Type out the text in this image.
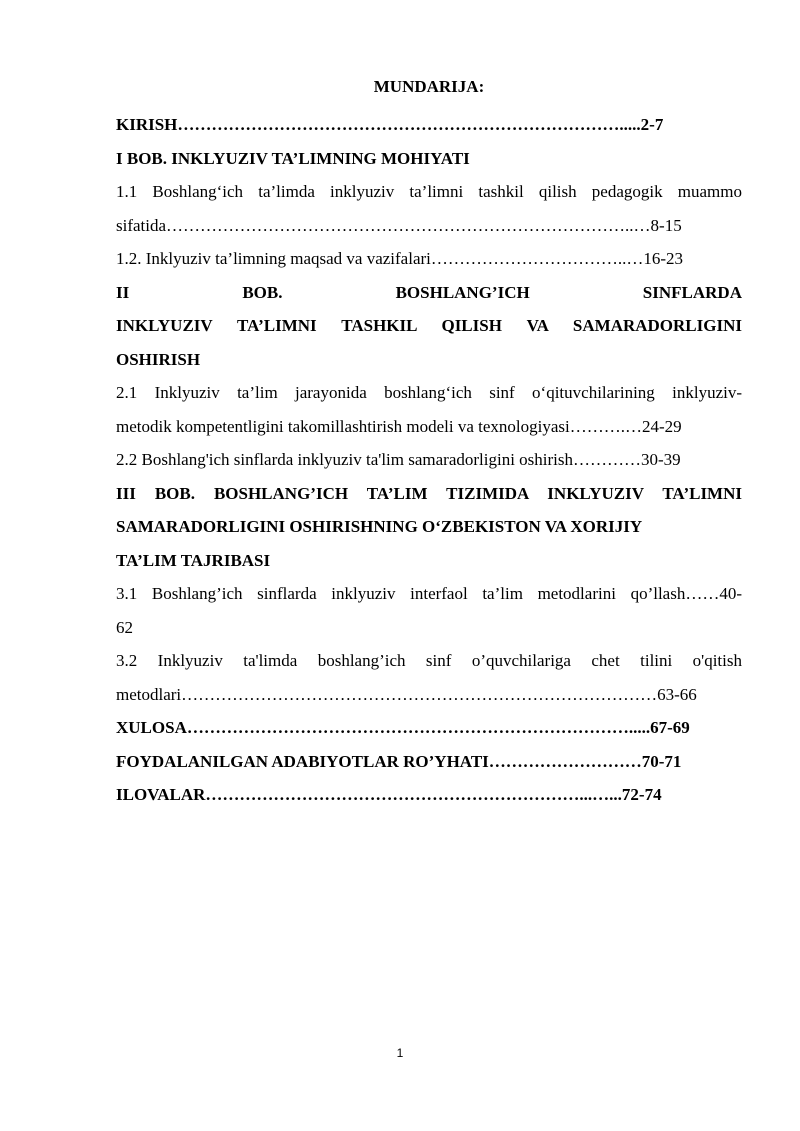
MUNDARIJA:
KIRISH…………………………………………………………………….....2-7
I BOB. INKLYUZIV TA’LIMNING MOHIYATI
1.1 Boshlang‘ich ta’limda inklyuziv ta’limni tashkil qilish pedagogik muammo
sifatida………………………………………………………………………..…8-15
1.2. Inklyuziv ta’limning maqsad va vazifalari……………………………..…16-23
II BOB. BOSHLANG’ICH SINFLARDA
INKLYUZIV TA’LIMNI TASHKIL QILISH VA SAMARADORLIGINI
OSHIRISH
2.1 Inklyuziv ta’lim jarayonida boshlang‘ich sinf o‘qituvchilarining inklyuziv-
metodik kompetentligini takomillashtirish modeli va texnologiyasi……….…24-29
2.2 Boshlang'ich sinflarda inklyuziv ta'lim samaradorligini oshirish…………30-39
III BOB. BOSHLANG’ICH TA’LIM TIZIMIDA INKLYUZIV TA’LIMNI
SAMARADORLIGINI OSHIRISHNING O‘ZBEKISTON VA XORIJIY
TA’LIM TAJRIBASI
3.1 Boshlang’ich sinflarda inklyuziv interfaol ta’lim metodlarini qo’llash……40-
62
3.2 Inklyuziv ta'limda boshlang’ich sinf o’quvchilariga chet tilini o'qitish
metodlari…………………………………………………………………………63-66
XULOSA…………………………………………………………………….....67-69
FOYDALANILGAN ADABIYOTLAR RO’YHATI………………………70-71
ILOVALAR…………………………………………………………...…...72-74
1
